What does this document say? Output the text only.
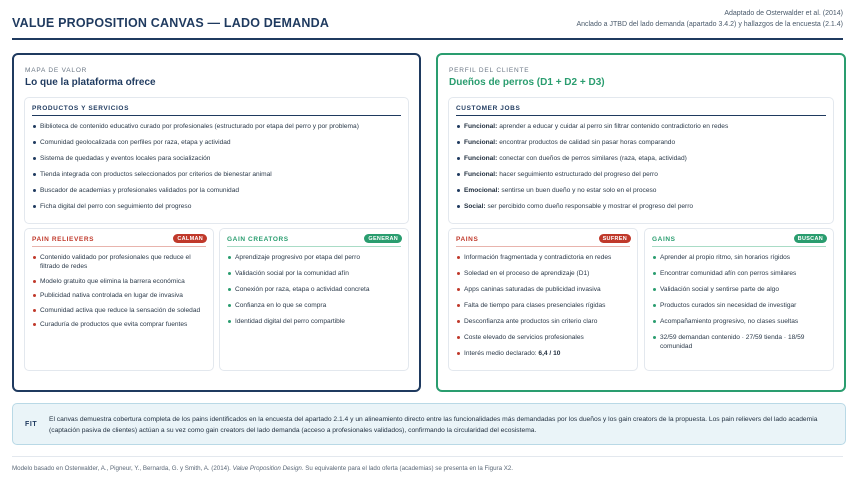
VALUE PROPOSITION CANVAS — LADO DEMANDA
Adaptado de Osterwalder et al. (2014)
Anclado a JTBD del lado demanda (apartado 3.4.2) y hallazgos de la encuesta (2.1.4)
MAPA DE VALOR
Lo que la plataforma ofrece
PRODUCTOS Y SERVICIOS
Biblioteca de contenido educativo curado por profesionales (estructurado por etapa del perro y por problema)
Comunidad geolocalizada con perfiles por raza, etapa y actividad
Sistema de quedadas y eventos locales para socialización
Tienda integrada con productos seleccionados por criterios de bienestar animal
Buscador de academias y profesionales validados por la comunidad
Ficha digital del perro con seguimiento del progreso
PAIN RELIEVERS	CALMAN
Contenido validado por profesionales que reduce el filtrado de redes
Modelo gratuito que elimina la barrera económica
Publicidad nativa controlada en lugar de invasiva
Comunidad activa que reduce la sensación de soledad
Curaduría de productos que evita comprar fuentes
GAIN CREATORS	GENERAN
Aprendizaje progresivo por etapa del perro
Validación social por la comunidad afín
Conexión por raza, etapa o actividad concreta
Confianza en lo que se compra
Identidad digital del perro compartible
PERFIL DEL CLIENTE
Dueños de perros (D1 + D2 + D3)
CUSTOMER JOBS
Funcional: aprender a educar y cuidar al perro sin filtrar contenido contradictorio en redes
Funcional: encontrar productos de calidad sin pasar horas comparando
Funcional: conectar con dueños de perros similares (raza, etapa, actividad)
Funcional: hacer seguimiento estructurado del progreso del perro
Emocional: sentirse un buen dueño y no estar solo en el proceso
Social: ser percibido como dueño responsable y mostrar el progreso del perro
PAINS	SUFREN
Información fragmentada y contradictoria en redes
Soledad en el proceso de aprendizaje (D1)
Apps caninas saturadas de publicidad invasiva
Falta de tiempo para clases presenciales rígidas
Desconfianza ante productos sin criterio claro
Coste elevado de servicios profesionales
Interés medio declarado: 6,4 / 10
GAINS	BUSCAN
Aprender al propio ritmo, sin horarios rígidos
Encontrar comunidad afín con perros similares
Validación social y sentirse parte de algo
Productos curados sin necesidad de investigar
Acompañamiento progresivo, no clases sueltas
32/59 demandan contenido · 27/59 tienda · 18/59 comunidad
FIT
El canvas demuestra cobertura completa de los pains identificados en la encuesta del apartado 2.1.4 y un alineamiento directo entre las funcionalidades más demandadas por los dueños y los gain creators de la propuesta. Los pain relievers del lado academia (captación pasiva de clientes) actúan a su vez como gain creators del lado demanda (acceso a profesionales validados), confirmando la circularidad del ecosistema.
Modelo basado en Osterwalder, A., Pigneur, Y., Bernarda, G. y Smith, A. (2014). Value Proposition Design. Su equivalente para el lado oferta (academias) se presenta en la Figura X2.
